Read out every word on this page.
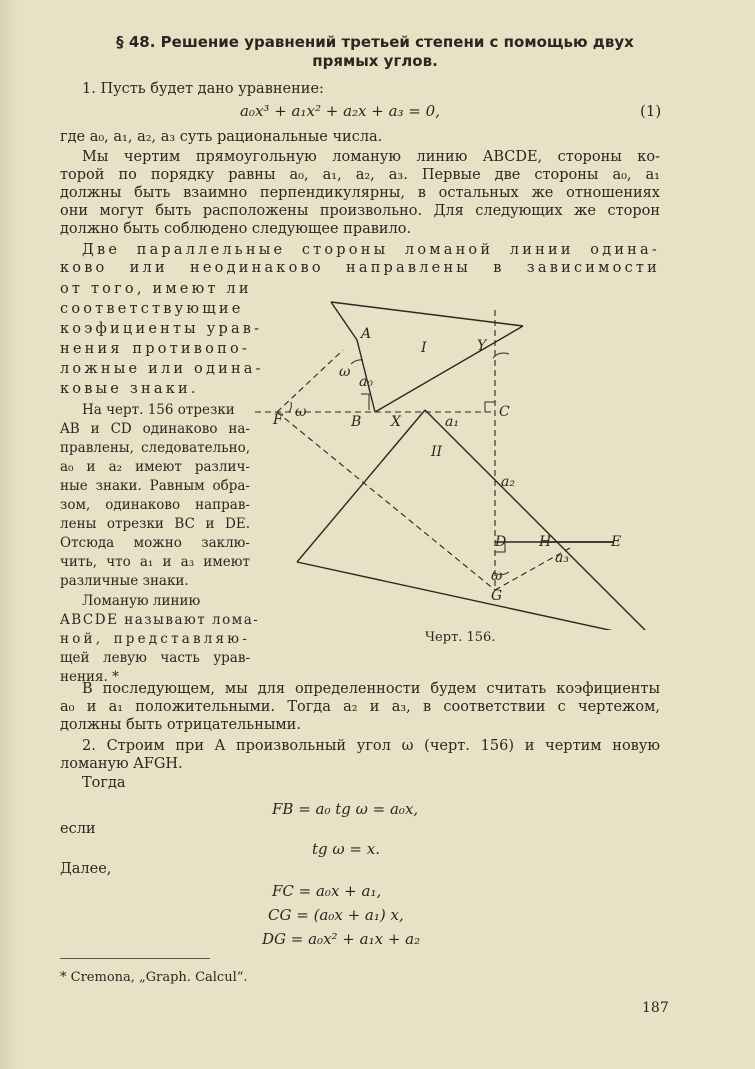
§ 48. Решение уравнений третьей степени с помощью двух
прямых углов.
1. Пусть будет дано уравнение:
a₀x³ + a₁x² + a₂x + a₃ = 0,	(1)
где a₀, a₁, a₂, a₃ суть рациональные числа.
Мы чертим прямоугольную ломаную линию ABCDE, стороны ко-
торой по порядку равны a₀, a₁, a₂, a₃. Первые две стороны a₀, a₁
должны быть взаимно перпендикулярны, в остальных же отношениях
они могут быть расположены произвольно. Для следующих же сторон
должно быть соблюдено следующее правило.
Две параллельные стороны ломаной линии одина-
ково или неодинаково направлены в зависимости
от того, имеют ли
соответствующие
коэфициенты урав-
нения противопо-
ложные или одина-
ковые знаки.
На черт. 156 отрезки
AB и CD одинаково на-
правлены, следовательно,
a₀ и a₂ имеют различ-
ные знаки. Равным обра-
зом, одинаково направ-
лены отрезки BC и DE.
Отсюда можно заклю-
чить, что a₁ и a₃ имеют
различные знаки.
Ломаную линию
ABCDE называют лома-
ной, представляю-
щей левую часть урав-
нения. *
A
B
C
D	E
F
G
H
X
Y
I
II
a₀
a₁
a₂
a₃
ω
ω
ω
Черт. 156.
В последующем, мы для определенности будем считать коэфициенты
a₀ и a₁ положительными. Тогда a₂ и a₃, в соответствии с чертежом,
должны быть отрицательными.
2. Строим при A произвольный угол ω (черт. 156) и чертим новую
ломаную AFGH.
Тогда
FB = a₀ tg ω = a₀x,
если
tg ω = x.
Далее,
FC = a₀x + a₁,
CG = (a₀x + a₁) x,
DG = a₀x² + a₁x + a₂
* Cremona, „Graph. Calcul“.
187
